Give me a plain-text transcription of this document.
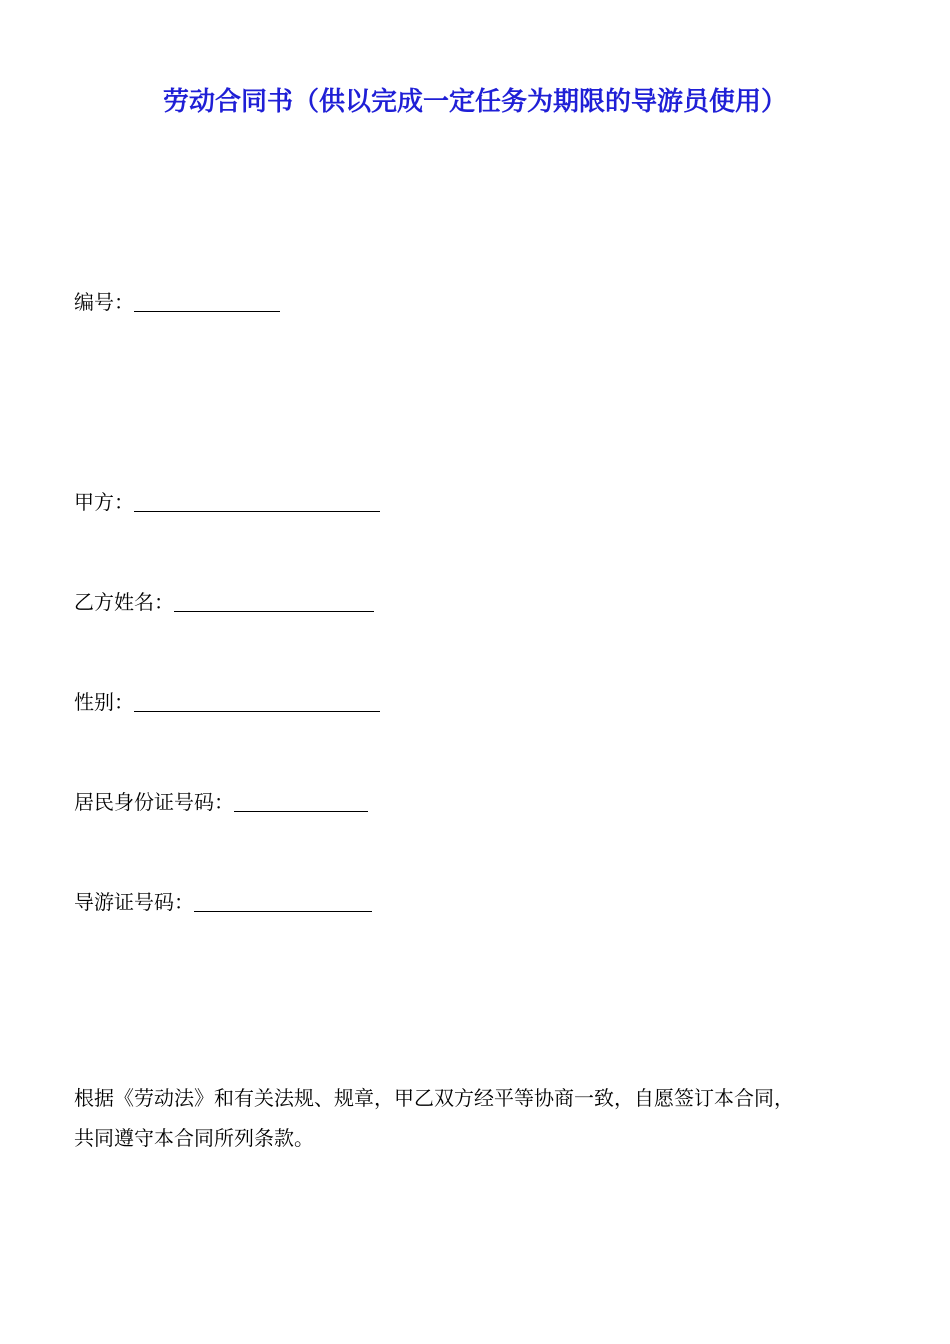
劳动合同书（供以完成一定任务为期限的导游员使用）
编号：
甲方：
乙方姓名：
性别：
居民身份证号码：
导游证号码：
根据《劳动法》和有关法规、规章，甲乙双方经平等协商一致，自愿签订本合同，
共同遵守本合同所列条款。
